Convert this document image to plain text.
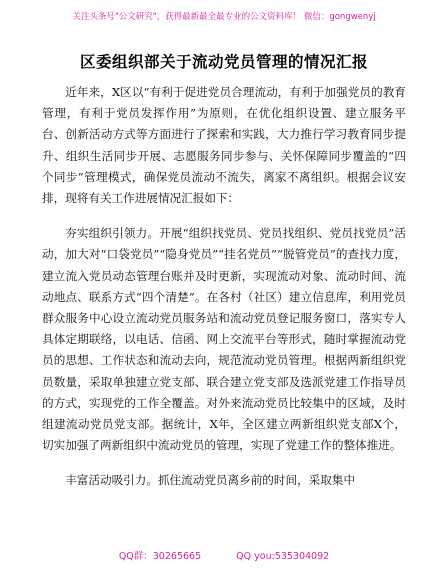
关注头条号"公文研究"，获得最新最全最专业的公文资料库！ 微信：gongwenyj
区委组织部关于流动党员管理的情况汇报

近年来，X区以“有利于促进党员合理流动，有利于加强党员的教育管理，有利于党员发挥作用”为原则，在优化组织设置、建立服务平台、创新活动方式等方面进行了探索和实践，大力推行学习教育同步提升、组织生活同步开展、志愿服务同步参与、关怀保障同步覆盖的“四个同步”管理模式，确保党员流动不流失，离家不离组织。根据会议安排，现将有关工作进展情况汇报如下：

夯实组织引领力。开展“组织找党员、党员找组织、党员找党员”活动，加大对“口袋党员”“隐身党员”“挂名党员”“脱管党员”的查找力度，建立流入党员动态管理台账并及时更新，实现流动对象、流动时间、流动地点、联系方式“四个清楚”。在各村（社区）建立信息库，利用党员群众服务中心设立流动党员服务站和流动党员登记服务窗口，落实专人具体定期联络，以电话、信函、网上交流平台等形式，随时掌握流动党员的思想、工作状态和流动去向，规范流动党员管理。根据两新组织党员数量，采取单独建立党支部、联合建立党支部及选派党建工作指导员的方式，实现党的工作全覆盖。对外来流动党员比较集中的区域，及时组建流动党员党支部。据统计，X年，全区建立两新组织党支部X个，切实加强了两新组织中流动党员的管理，实现了党建工作的整体推进。

丰富活动吸引力。抓住流动党员离乡前的时间，采取集中

QQ群：30265665	QQ you:535304092
